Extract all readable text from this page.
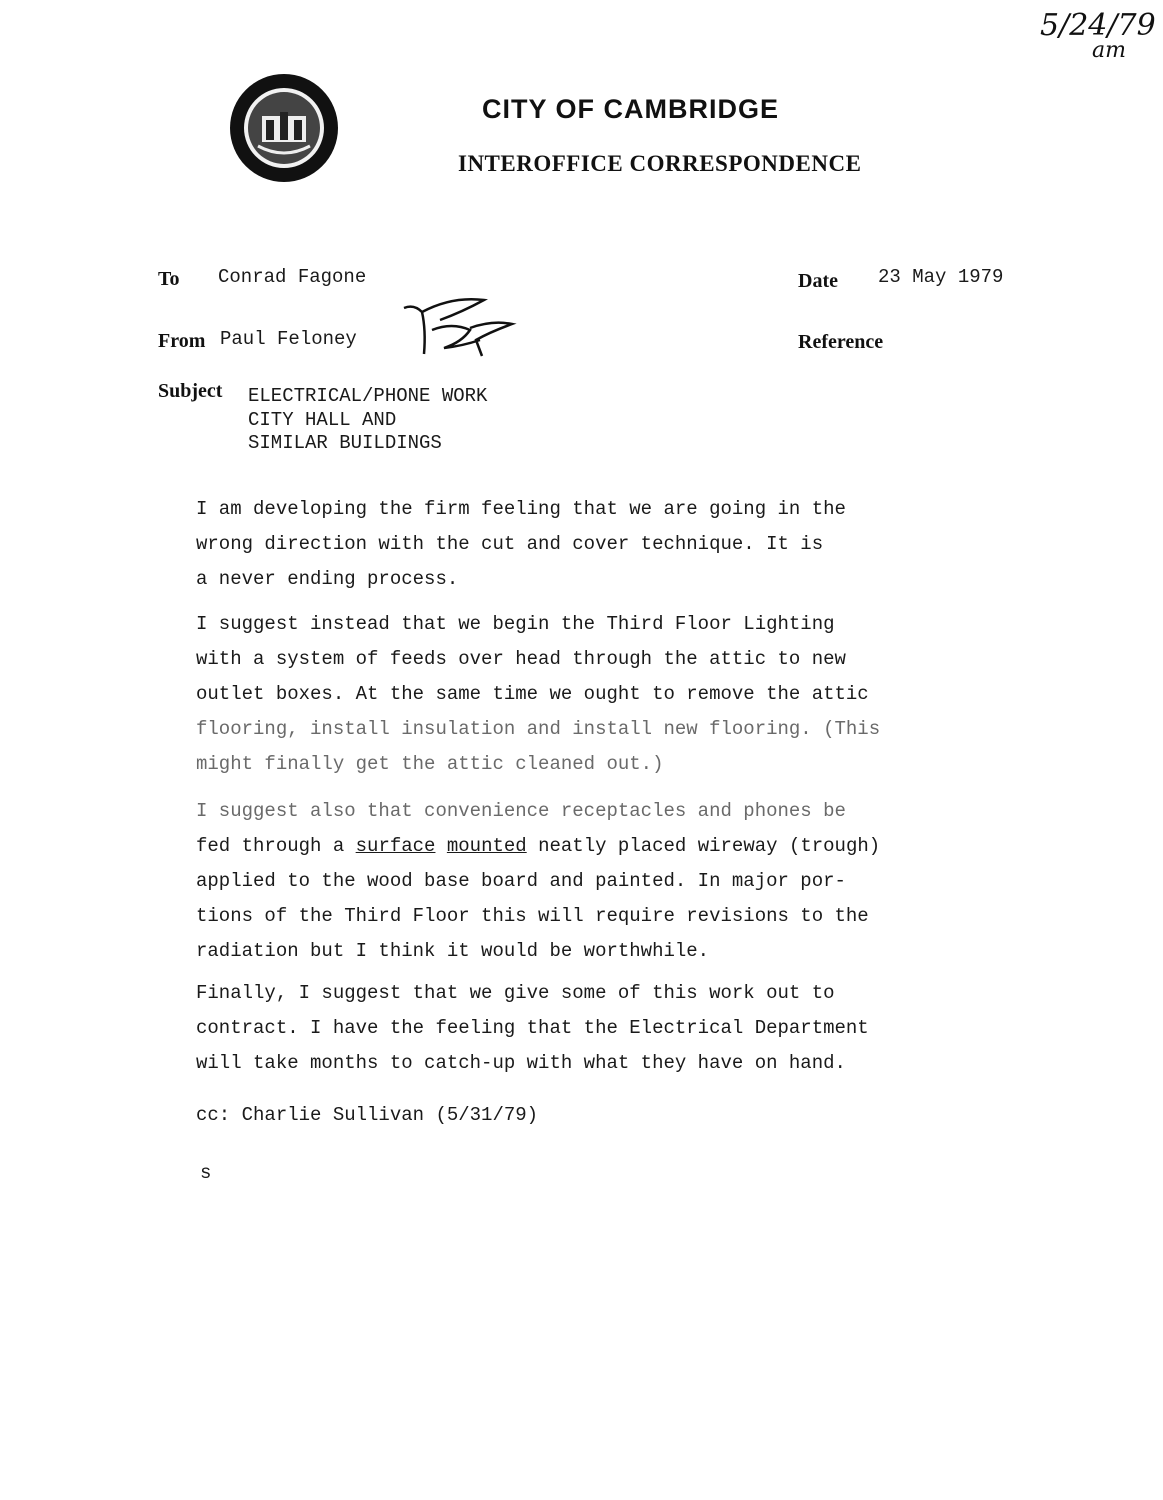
5/24/79
am
CITY OF CAMBRIDGE
INTEROFFICE CORRESPONDENCE
To Conrad Fagone	Date 23 May 1979
From Paul Feloney	Reference
Subject ELECTRICAL/PHONE WORK
CITY HALL AND
SIMILAR BUILDINGS

I am developing the firm feeling that we are going in the

wrong direction with the cut and cover technique. It is

a never ending process.

I suggest instead that we begin the Third Floor Lighting

with a system of feeds over head through the attic to new

outlet boxes. At the same time we ought to remove the attic

flooring, install insulation and install new flooring. (This

might finally get the attic cleaned out.)

I suggest also that convenience receptacles and phones be

fed through a surface mounted neatly placed wireway (trough)

applied to the wood base board and painted. In major por-

tions of the Third Floor this will require revisions to the

radiation but I think it would be worthwhile.

Finally, I suggest that we give some of this work out to

contract. I have the feeling that the Electrical Department

will take months to catch-up with what they have on hand.

cc: Charlie Sullivan (5/31/79)
s
